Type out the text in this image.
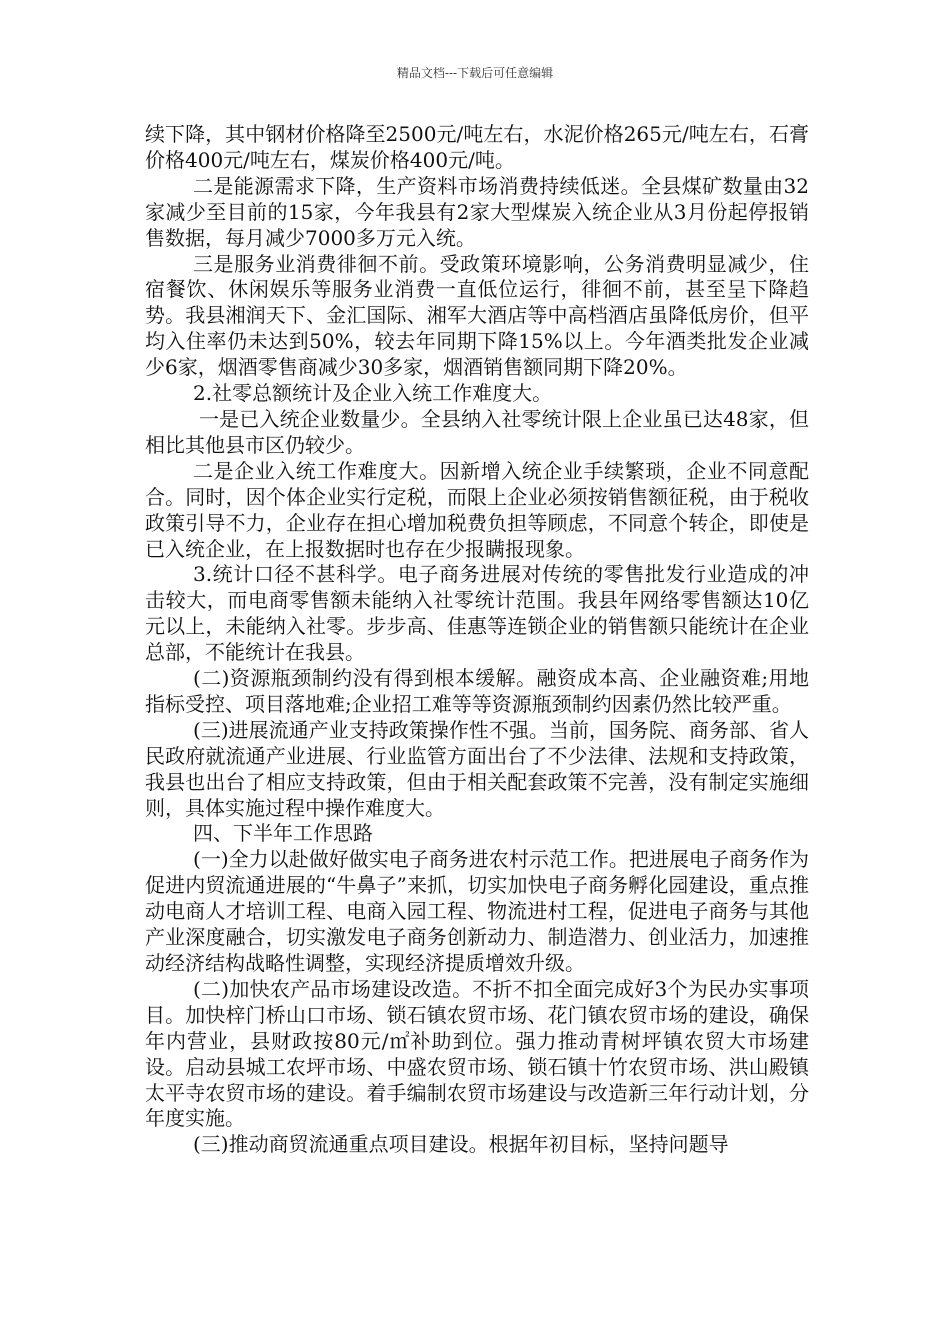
精品文档---下载后可任意编辑

续下降，其中钢材价格降至2500元/吨左右，水泥价格265元/吨左右，石膏价格400元/吨左右，煤炭价格400元/吨。

二是能源需求下降，生产资料市场消费持续低迷。全县煤矿数量由32家减少至目前的15家，今年我县有2家大型煤炭入统企业从3月份起停报销售数据，每月减少7000多万元入统。

三是服务业消费徘徊不前。受政策环境影响，公务消费明显减少，住宿餐饮、休闲娱乐等服务业消费一直低位运行，徘徊不前，甚至呈下降趋势。我县湘润天下、金汇国际、湘军大酒店等中高档酒店虽降低房价，但平均入住率仍未达到50%，较去年同期下降15%以上。今年酒类批发企业减少6家，烟酒零售商减少30多家，烟酒销售额同期下降20%。

2.社零总额统计及企业入统工作难度大。

一是已入统企业数量少。全县纳入社零统计限上企业虽已达48家，但相比其他县市区仍较少。

二是企业入统工作难度大。因新增入统企业手续繁琐，企业不同意配合。同时，因个体企业实行定税，而限上企业必须按销售额征税，由于税收政策引导不力，企业存在担心增加税费负担等顾虑，不同意个转企，即使是已入统企业，在上报数据时也存在少报瞒报现象。

3.统计口径不甚科学。电子商务进展对传统的零售批发行业造成的冲击较大，而电商零售额未能纳入社零统计范围。我县年网络零售额达10亿元以上，未能纳入社零。步步高、佳惠等连锁企业的销售额只能统计在企业总部，不能统计在我县。

(二)资源瓶颈制约没有得到根本缓解。融资成本高、企业融资难;用地指标受控、项目落地难;企业招工难等等资源瓶颈制约因素仍然比较严重。

(三)进展流通产业支持政策操作性不强。当前，国务院、商务部、省人民政府就流通产业进展、行业监管方面出台了不少法律、法规和支持政策，我县也出台了相应支持政策，但由于相关配套政策不完善，没有制定实施细则，具体实施过程中操作难度大。

四、下半年工作思路

(一)全力以赴做好做实电子商务进农村示范工作。把进展电子商务作为促进内贸流通进展的“牛鼻子”来抓，切实加快电子商务孵化园建设，重点推动电商人才培训工程、电商入园工程、物流进村工程，促进电子商务与其他产业深度融合，切实激发电子商务创新动力、制造潜力、创业活力，加速推动经济结构战略性调整，实现经济提质增效升级。

(二)加快农产品市场建设改造。不折不扣全面完成好3个为民办实事项目。加快梓门桥山口市场、锁石镇农贸市场、花门镇农贸市场的建设，确保年内营业，县财政按80元/㎡补助到位。强力推动青树坪镇农贸大市场建设。启动县城工农坪市场、中盛农贸市场、锁石镇十竹农贸市场、洪山殿镇太平寺农贸市场的建设。着手编制农贸市场建设与改造新三年行动计划，分年度实施。

(三)推动商贸流通重点项目建设。根据年初目标，坚持问题导
